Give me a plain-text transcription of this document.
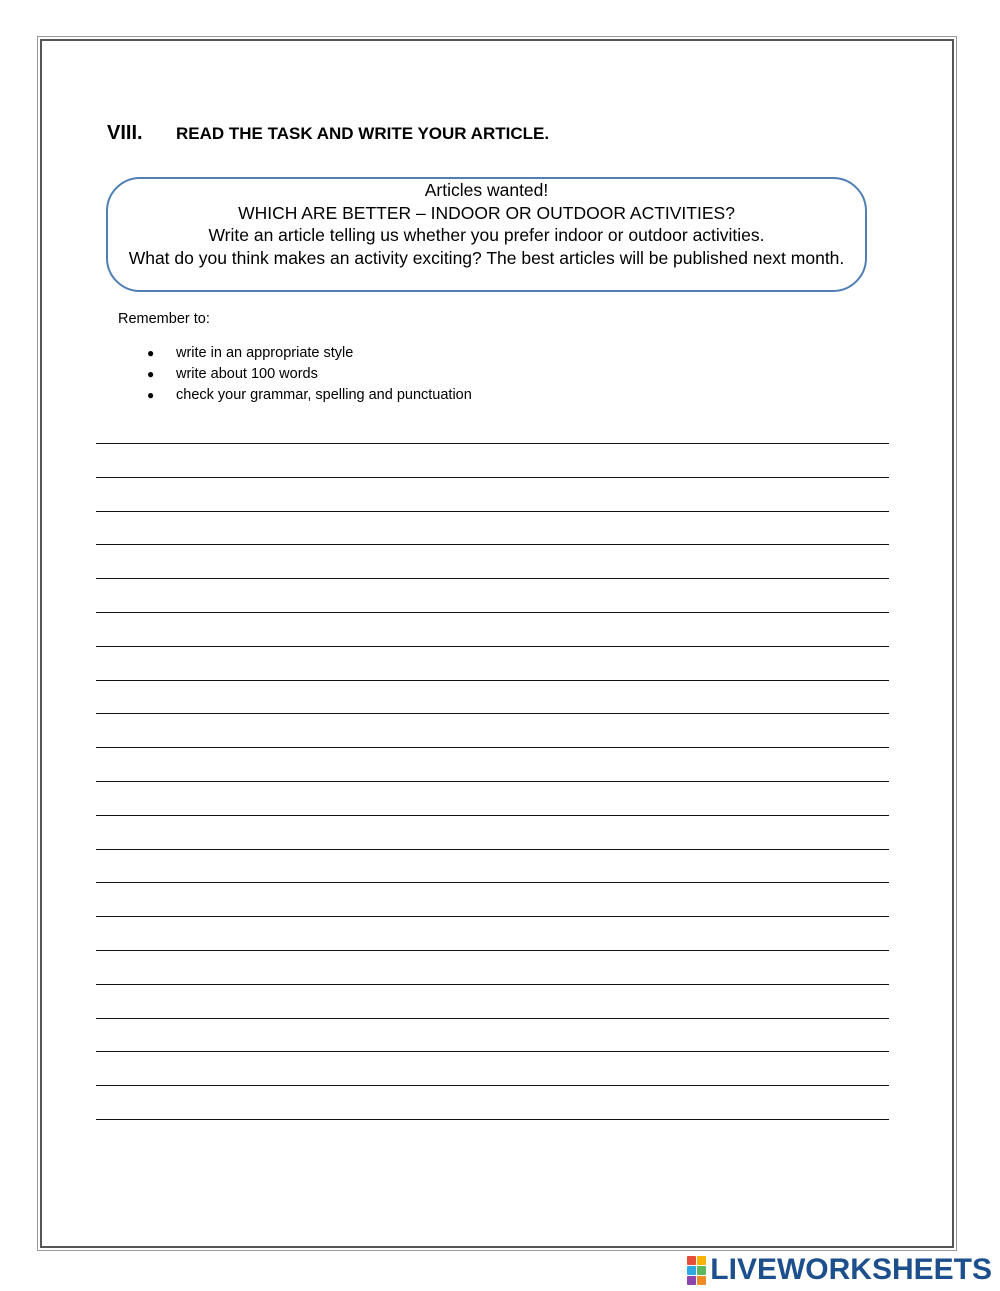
VIII.	READ THE TASK AND WRITE YOUR ARTICLE.
Articles wanted!
WHICH ARE BETTER – INDOOR OR OUTDOOR ACTIVITIES?
Write an article telling us whether you prefer indoor or outdoor activities.
What do you think makes an activity exciting? The best articles will be published next month.
Remember to:
●	write in an appropriate style
●	write about 100 words
●	check your grammar, spelling and punctuation
LIVEWORKSHEETS
